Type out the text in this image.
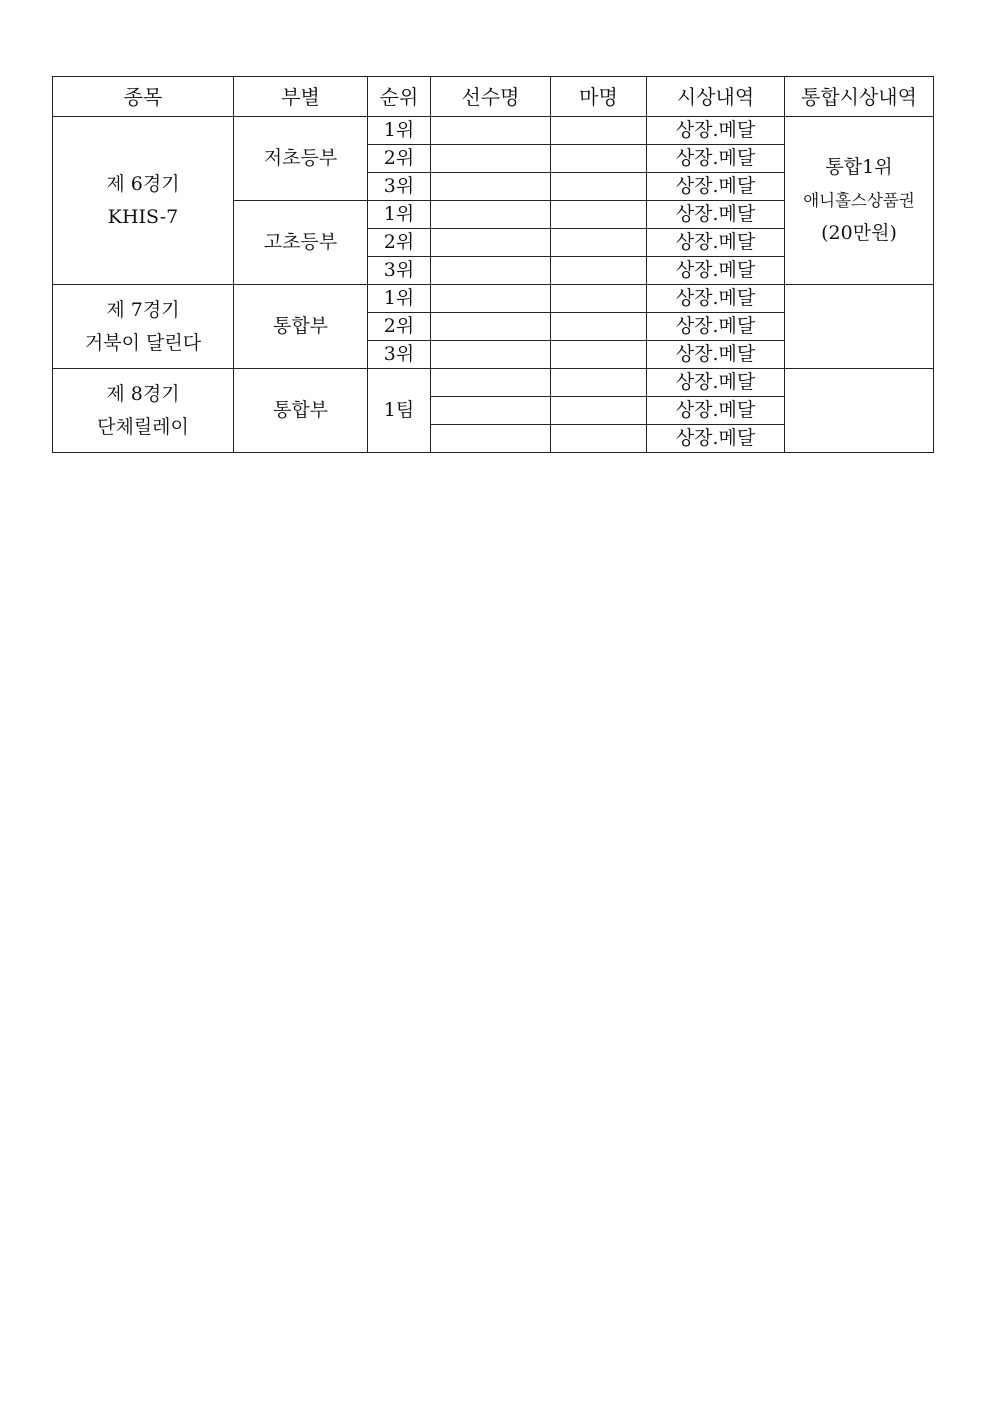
종목	부별	순위	선수명	마명	시상내역	통합시상내역
제 6경기
KHIS-7	저초등부	1위			상장.메달	통합1위
애니홀스상품권
(20만원)
		2위			상장.메달	
		3위			상장.메달	
	고초등부	1위			상장.메달	
		2위			상장.메달	
		3위			상장.메달	
제 7경기
거북이 달린다	통합부	1위			상장.메달	
		2위			상장.메달	
		3위			상장.메달	
제 8경기
단체릴레이	통합부	1팀			상장.메달	
					상장.메달	
					상장.메달	
